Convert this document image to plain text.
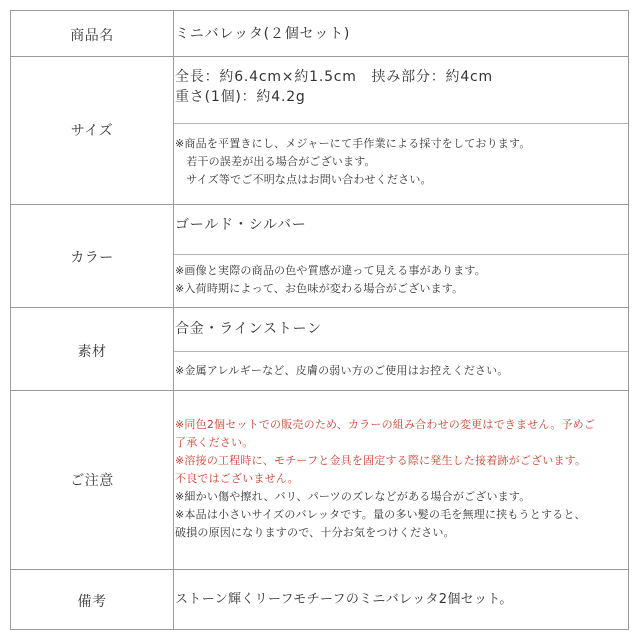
商品名	ミニバレッタ(２個セット)
サイズ
全長：約6.4cm×約1.5cm　挟み部分：約4cm
重さ(1個)：約4.2g
※商品を平置きにし、メジャーにて手作業による採寸をしております。
　若干の誤差が出る場合がございます。
　サイズ等でご不明な点はお問い合わせください。
カラー
ゴールド・シルバー
※画像と実際の商品の色や質感が違って見える事があります。
※入荷時期によって、お色味が変わる場合がございます。
素材
合金・ラインストーン
※金属アレルギーなど、皮膚の弱い方のご使用はお控えください。
ご注意
※同色2個セットでの販売のため、カラーの組み合わせの変更はできません。予めご
了承ください。
※溶接の工程時に、モチーフと金具を固定する際に発生した接着跡がございます。
不良ではございません。
※細かい傷や擦れ、バリ、パーツのズレなどがある場合がございます。
※本品は小さいサイズのバレッタです。量の多い髪の毛を無理に挟もうとすると、
破損の原因になりますので、十分お気をつけください。
備考	ストーン輝くリーフモチーフのミニバレッタ2個セット。
